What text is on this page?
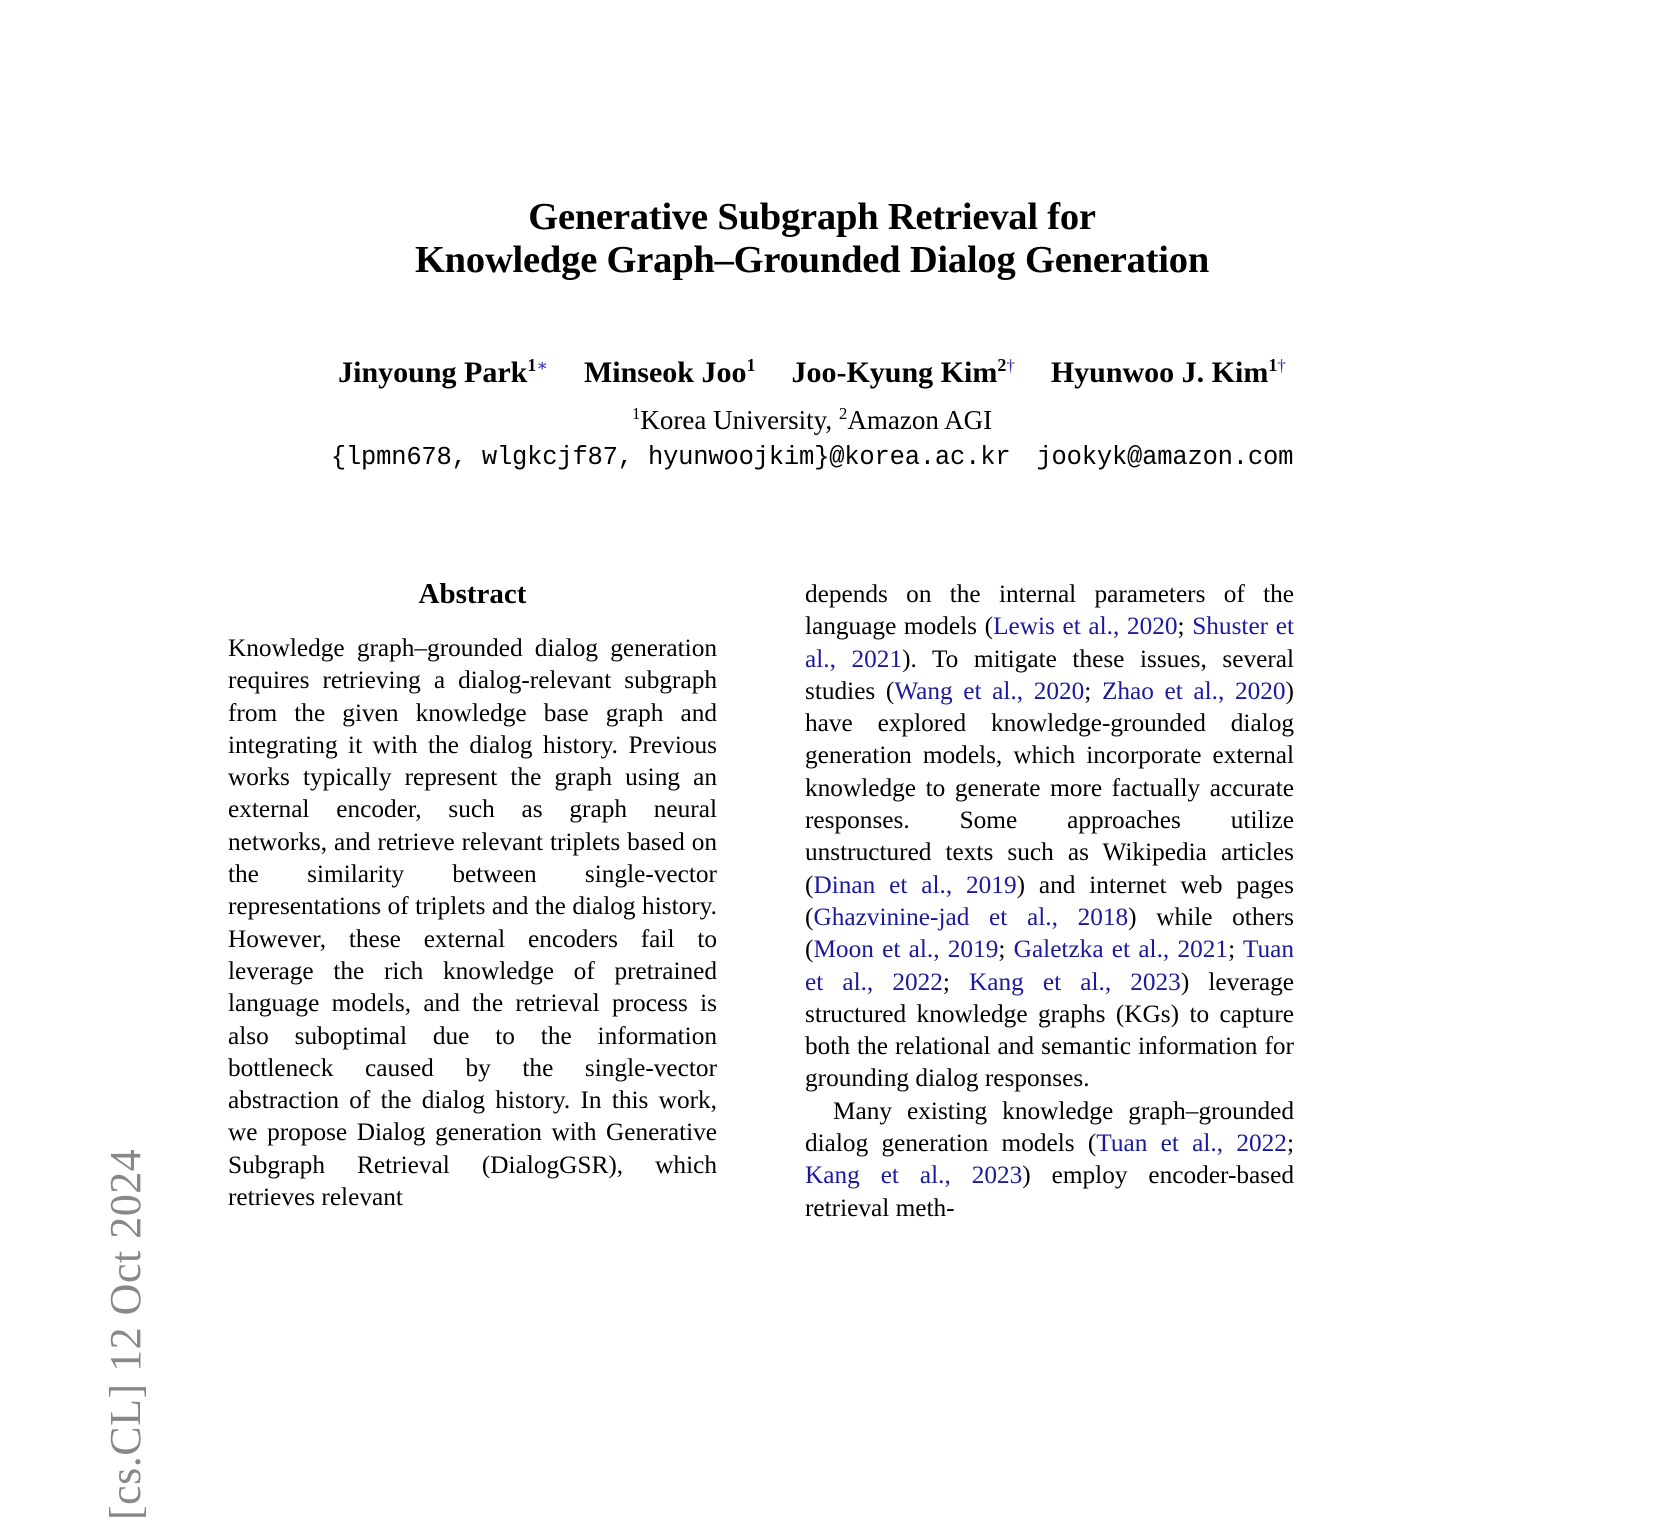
[cs.CL] 12 Oct 2024
Generative Subgraph Retrieval for
Knowledge Graph–Grounded Dialog Generation
Jinyoung Park$^{1∗}$ Minseok Joo$^1$ Joo-Kyung Kim$^{2\dagger}$ Hyunwoo J. Kim$^{1\dagger}$
$^1$Korea University, $^2$Amazon AGI
{lpmn678, wlgkcjf87, hyunwoojkim}@korea.ac.kr jookyk@amazon.com
Abstract

Knowledge graph–grounded dialog generation requires retrieving a dialog-relevant subgraph from the given knowledge base graph and integrating it with the dialog history. Previous works typically represent the graph using an external encoder, such as graph neural networks, and retrieve relevant triplets based on the similarity between single-vector representations of triplets and the dialog history. However, these external encoders fail to leverage the rich knowledge of pretrained language models, and the retrieval process is also suboptimal due to the information bottleneck caused by the single-vector abstraction of the dialog history. In this work, we propose Dialog generation with Generative Subgraph Retrieval (DialogGSR), which retrieves relevant

depends on the internal parameters of the language models (Lewis et al., 2020; Shuster et al., 2021). To mitigate these issues, several studies (Wang et al., 2020; Zhao et al., 2020) have explored knowledge-grounded dialog generation models, which incorporate external knowledge to generate more factually accurate responses. Some approaches utilize unstructured texts such as Wikipedia articles (Dinan et al., 2019) and internet web pages (Ghazvinine-jad et al., 2018) while others (Moon et al., 2019; Galetzka et al., 2021; Tuan et al., 2022; Kang et al., 2023) leverage structured knowledge graphs (KGs) to capture both the relational and semantic information for grounding dialog responses.

Many existing knowledge graph–grounded dialog generation models (Tuan et al., 2022; Kang et al., 2023) employ encoder-based retrieval meth-
